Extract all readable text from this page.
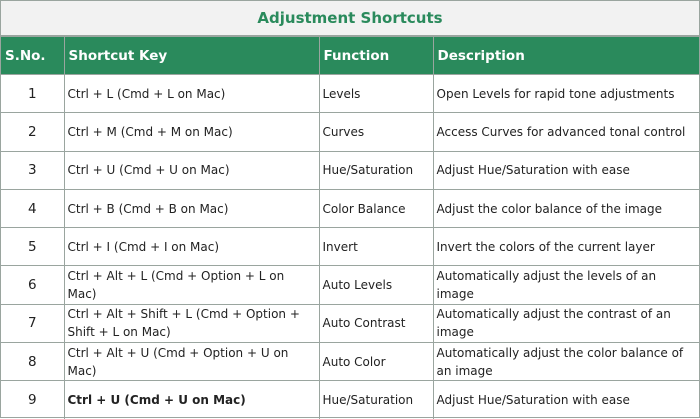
Adjustment Shortcuts
S.No.	Shortcut Key	Function	Description
1	Ctrl + L (Cmd + L on Mac)	Levels	Open Levels for rapid tone adjustments
2	Ctrl + M (Cmd + M on Mac)	Curves	Access Curves for advanced tonal control
3	Ctrl + U (Cmd + U on Mac)	Hue/Saturation	Adjust Hue/Saturation with ease
4	Ctrl + B (Cmd + B on Mac)	Color Balance	Adjust the color balance of the image
5	Ctrl + I (Cmd + I on Mac)	Invert	Invert the colors of the current layer
6	Ctrl + Alt + L (Cmd + Option + L on Mac)	Auto Levels	Automatically adjust the levels of an image
7	Ctrl + Alt + Shift + L (Cmd + Option + Shift + L on Mac)	Auto Contrast	Automatically adjust the contrast of an image
8	Ctrl + Alt + U (Cmd + Option + U on Mac)	Auto Color	Automatically adjust the color balance of an image
9	Ctrl + U (Cmd + U on Mac)	Hue/Saturation	Adjust Hue/Saturation with ease
